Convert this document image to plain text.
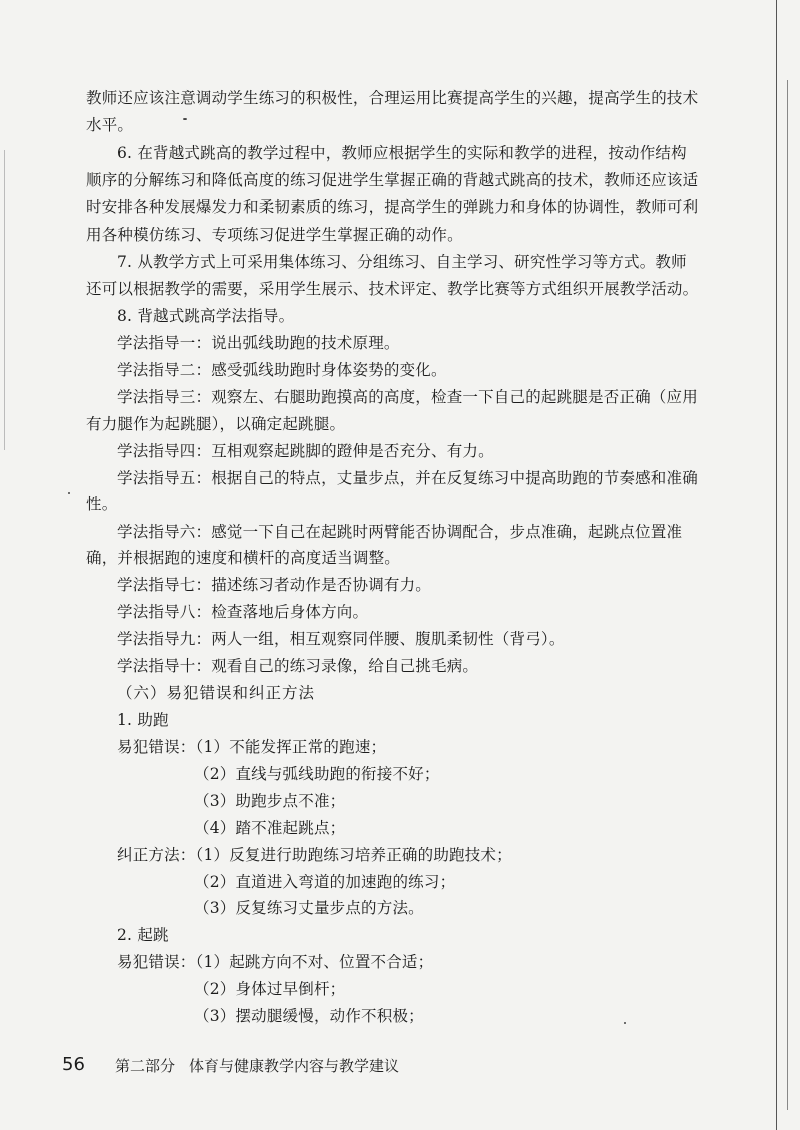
教师还应该注意调动学生练习的积极性，合理运用比赛提高学生的兴趣，提高学生的技术
水平。
6. 在背越式跳高的教学过程中，教师应根据学生的实际和教学的进程，按动作结构
顺序的分解练习和降低高度的练习促进学生掌握正确的背越式跳高的技术，教师还应该适
时安排各种发展爆发力和柔韧素质的练习，提高学生的弹跳力和身体的协调性，教师可利
用各种模仿练习、专项练习促进学生掌握正确的动作。
7. 从教学方式上可采用集体练习、分组练习、自主学习、研究性学习等方式。教师
还可以根据教学的需要，采用学生展示、技术评定、教学比赛等方式组织开展教学活动。
8. 背越式跳高学法指导。
学法指导一：说出弧线助跑的技术原理。
学法指导二：感受弧线助跑时身体姿势的变化。
学法指导三：观察左、右腿助跑摸高的高度，检查一下自己的起跳腿是否正确（应用
有力腿作为起跳腿），以确定起跳腿。
学法指导四：互相观察起跳脚的蹬伸是否充分、有力。
学法指导五：根据自己的特点，丈量步点，并在反复练习中提高助跑的节奏感和准确
性。
学法指导六：感觉一下自己在起跳时两臂能否协调配合，步点准确，起跳点位置准
确，并根据跑的速度和横杆的高度适当调整。
学法指导七：描述练习者动作是否协调有力。
学法指导八：检查落地后身体方向。
学法指导九：两人一组，相互观察同伴腰、腹肌柔韧性（背弓）。
学法指导十：观看自己的练习录像，给自己挑毛病。
（六）易犯错误和纠正方法
1. 助跑
易犯错误：（1）不能发挥正常的跑速；
（2）直线与弧线助跑的衔接不好；
（3）助跑步点不准；
（4）踏不准起跳点；
纠正方法：（1）反复进行助跑练习培养正确的助跑技术；
（2）直道进入弯道的加速跑的练习；
（3）反复练习丈量步点的方法。
2. 起跳
易犯错误：（1）起跳方向不对、位置不合适；
（2）身体过早倒杆；
（3）摆动腿缓慢，动作不积极；
56 第二部分 体育与健康教学内容与教学建议
